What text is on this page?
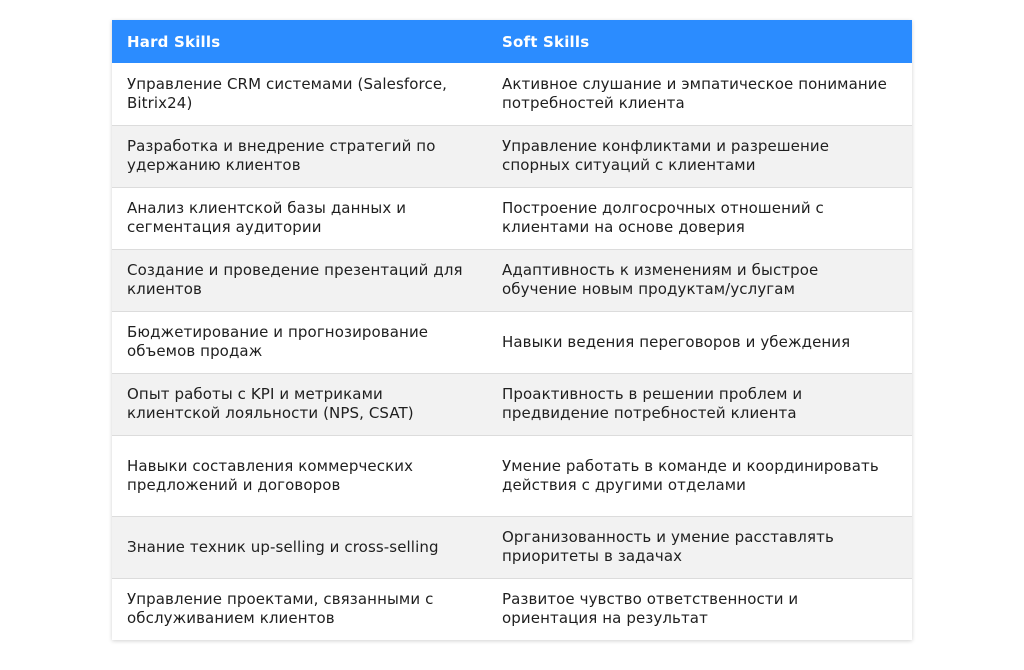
Hard Skills	Soft Skills
Управление CRM системами (Salesforce, Bitrix24)	Активное слушание и эмпатическое понимание потребностей клиента
Разработка и внедрение стратегий по удержанию клиентов	Управление конфликтами и разрешение спорных ситуаций с клиентами
Анализ клиентской базы данных и сегментация аудитории	Построение долгосрочных отношений с клиентами на основе доверия
Создание и проведение презентаций для клиентов	Адаптивность к изменениям и быстрое обучение новым продуктам/услугам
Бюджетирование и прогнозирование объемов продаж	Навыки ведения переговоров и убеждения
Опыт работы с KPI и метриками клиентской лояльности (NPS, CSAT)	Проактивность в решении проблем и предвидение потребностей клиента
Навыки составления коммерческих предложений и договоров	Умение работать в команде и координировать действия с другими отделами
Знание техник up-selling и cross-selling	Организованность и умение расставлять приоритеты в задачах
Управление проектами, связанными с обслуживанием клиентов	Развитое чувство ответственности и ориентация на результат
